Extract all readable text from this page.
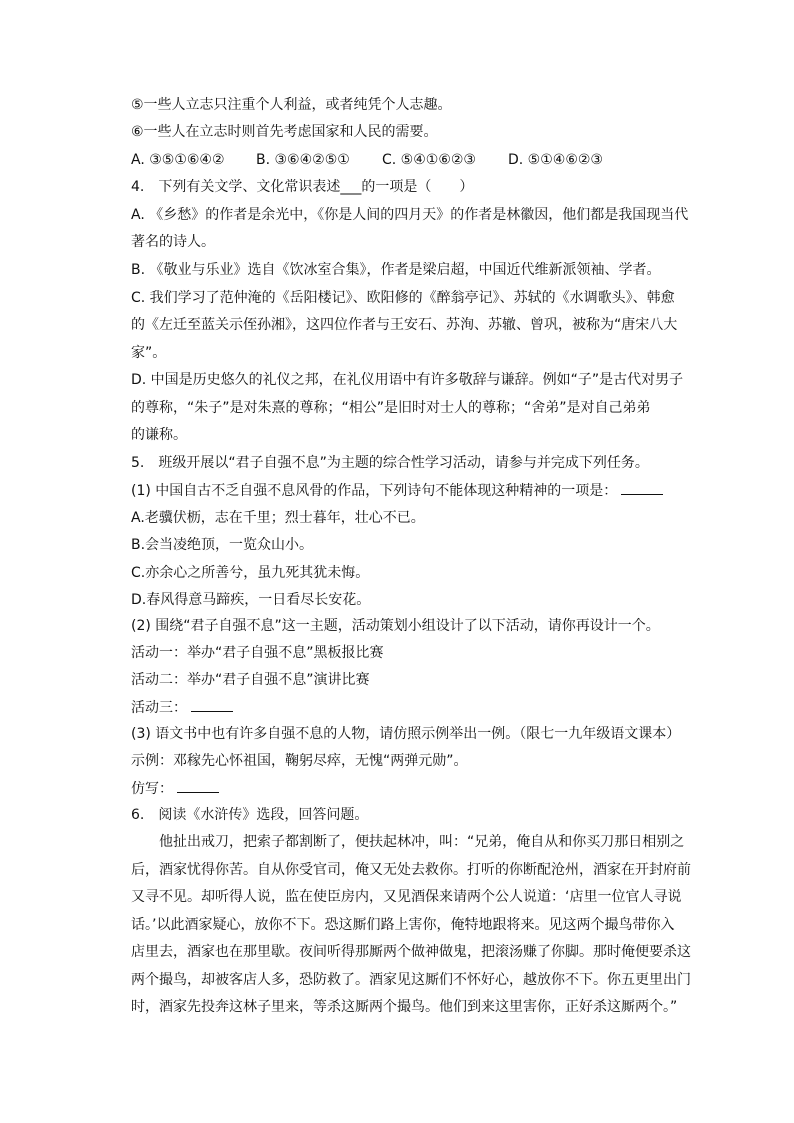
⑤一些人立志只注重个人利益，或者纯凭个人志趣。
⑥一些人在立志时则首先考虑国家和人民的需要。
A. ③⑤①⑥④② B. ③⑥④②⑤① C. ⑤④①⑥②③ D. ⑤①④⑥②③
4.　下列有关文学、文化常识表述___的一项是（　　）
A. 《乡愁》的作者是余光中，《你是人间的四月天》的作者是林徽因，他们都是我国现当代
著名的诗人。
B. 《敬业与乐业》选自《饮冰室合集》，作者是梁启超，中国近代维新派领袖、学者。
C. 我们学习了范仲淹的《岳阳楼记》、欧阳修的《醉翁亭记》、苏轼的《水调歌头》、韩愈
的《左迁至蓝关示侄孙湘》，这四位作者与王安石、苏洵、苏辙、曾巩，被称为“唐宋八大
家”。
D. 中国是历史悠久的礼仪之邦，在礼仪用语中有许多敬辞与谦辞。例如“子”是古代对男子
的尊称，“朱子”是对朱熹的尊称；“相公”是旧时对士人的尊称；“舍弟”是对自己弟弟
的谦称。
5.　班级开展以“君子自强不息”为主题的综合性学习活动，请参与并完成下列任务。
(1) 中国自古不乏自强不息风骨的作品，下列诗句不能体现这种精神的一项是：
A.老骥伏枥，志在千里；烈士暮年，壮心不已。
B.会当凌绝顶，一览众山小。
C.亦余心之所善兮，虽九死其犹未悔。
D.春风得意马蹄疾，一日看尽长安花。
(2) 围绕“君子自强不息”这一主题，活动策划小组设计了以下活动，请你再设计一个。
活动一：举办“君子自强不息”黑板报比赛
活动二：举办“君子自强不息”演讲比赛
活动三：
(3) 语文书中也有许多自强不息的人物，请仿照示例举出一例。（限七一九年级语文课本）
示例：邓稼先心怀祖国，鞠躬尽瘁，无愧“两弹元勋”。
仿写：
6.　阅读《水浒传》选段，回答问题。
　　他扯出戒刀，把索子都割断了，便扶起林冲，叫：“兄弟，俺自从和你买刀那日相别之
后，酒家忧得你苦。自从你受官司，俺又无处去救你。打听的你断配沧州，酒家在开封府前
又寻不见。却听得人说，监在使臣房内，又见酒保来请两个公人说道：‘店里一位官人寻说
话。’以此酒家疑心，放你不下。恐这厮们路上害你，俺特地跟将来。见这两个撮鸟带你入
店里去，酒家也在那里歇。夜间听得那厮两个做神做鬼，把滚汤赚了你脚。那时俺便要杀这
两个撮鸟，却被客店人多，恐防救了。酒家见这厮们不怀好心，越放你不下。你五更里出门
时，酒家先投奔这林子里来，等杀这厮两个撮鸟。他们到来这里害你，正好杀这厮两个。”
